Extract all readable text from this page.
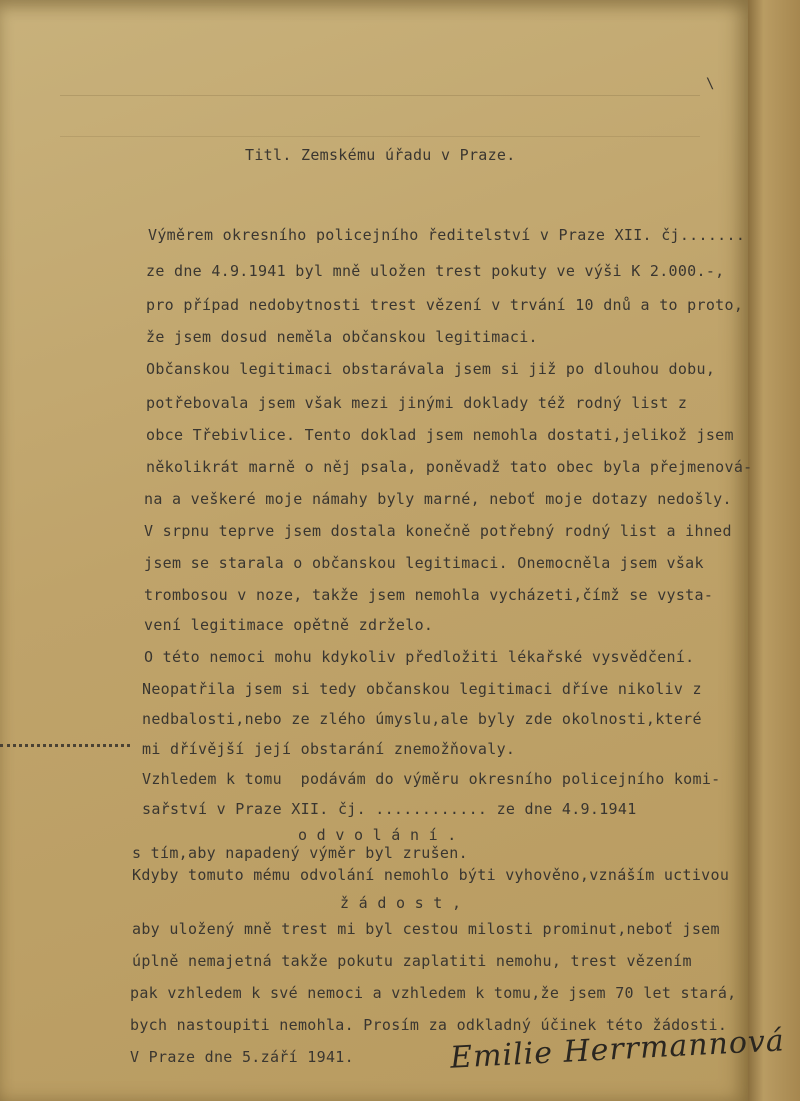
\
Titl. Zemskému úřadu v Praze.
Výměrem okresního policejního ředitelství v Praze XII. čj.......
ze dne 4.9.1941 byl mně uložen trest pokuty ve výši K 2.000.-,
pro případ nedobytnosti trest vězení v trvání 10 dnů a to proto,
že jsem dosud neměla občanskou legitimaci.
Občanskou legitimaci obstarávala jsem si již po dlouhou dobu,
potřebovala jsem však mezi jinými doklady též rodný list z
obce Třebivlice. Tento doklad jsem nemohla dostati,jelikož jsem
několikrát marně o něj psala, poněvadž tato obec byla přejmenová-
na a veškeré moje námahy byly marné, neboť moje dotazy nedošly.
V srpnu teprve jsem dostala konečně potřebný rodný list a ihned
jsem se starala o občanskou legitimaci. Onemocněla jsem však
trombosou v noze, takže jsem nemohla vycházeti,čímž se vysta-
vení legitimace opětně zdrželo.
O této nemoci mohu kdykoliv předložiti lékařské vysvědčení.
Neopatřila jsem si tedy občanskou legitimaci dříve nikoliv z
nedbalosti,nebo ze zlého úmyslu,ale byly zde okolnosti,které
mi dřívější její obstarání znemožňovaly.
Vzhledem k tomu  podávám do výměru okresního policejního komi-
sařství v Praze XII. čj. ............ ze dne 4.9.1941
o d v o l á n í .
s tím,aby napadený výměr byl zrušen.
Kdyby tomuto mému odvolání nemohlo býti vyhověno,vznáším uctivou
ž á d o s t ,
aby uložený mně trest mi byl cestou milosti prominut,neboť jsem
úplně nemajetná takže pokutu zaplatiti nemohu, trest vězením
pak vzhledem k své nemoci a vzhledem k tomu,že jsem 70 let stará,
bych nastoupiti nemohla. Prosím za odkladný účinek této žádosti.
V Praze dne 5.září 1941.	Emilie Herrmannová
